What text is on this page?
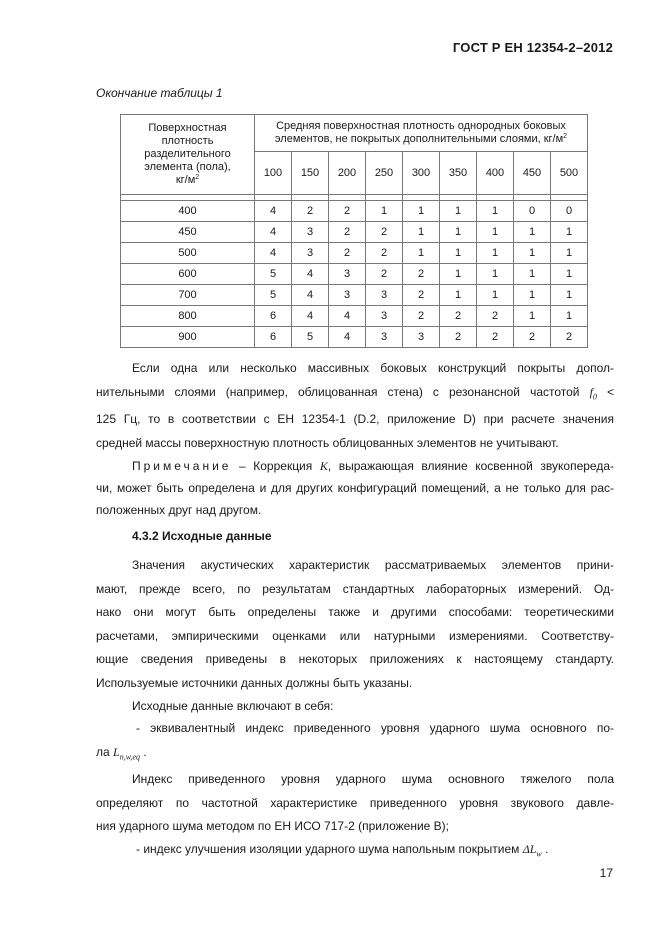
ГОСТ Р ЕН 12354-2–2012
Окончание таблицы 1
Поверхностная
плотность
разделительного
элемента (пола),
$кг/м^2$	Средняя поверхностная плотность однородных боковых
элементов, не покрытых дополнительными слоями, $кг/м^2$

	100	150	200	250	300	350	400	450	500

400	4	2	2	1	1	1	1	0	0
450	4	3	2	2	1	1	1	1	1
500	4	3	2	2	1	1	1	1	1
600	5	4	3	2	2	1	1	1	1
700	5	4	3	3	2	1	1	1	1
800	6	4	4	3	2	2	2	1	1
900	6	5	4	3	3	2	2	2	2
Если одна или несколько массивных боковых конструкций покрыты допол-
нительными слоями (например, облицованная стена) с резонансной частотой $f_0$ <
125 Гц, то в соответствии с ЕН 12354-1 (D.2, приложение D) при расчете значения
средней массы поверхностную плотность облицованных элементов не учитывают.
Примечание – Коррекция K, выражающая влияние косвенной звукопереда-
чи, может быть определена и для других конфигураций помещений, а не только для рас-
положенных друг над другом.
4.3.2 Исходные данные
Значения акустических характеристик рассматриваемых элементов прини-
мают, прежде всего, по результатам стандартных лабораторных измерений. Од-
нако они могут быть определены также и другими способами: теоретическими
расчетами, эмпирическими оценками или натурными измерениями. Соответству-
ющие сведения приведены в некоторых приложениях к настоящему стандарту.
Используемые источники данных должны быть указаны.
Исходные данные включают в себя:
- эквивалентный индекс приведенного уровня ударного шума основного по-
ла $L_{n,w,eq}$ .
Индекс приведенного уровня ударного шума основного тяжелого пола
определяют по частотной характеристике приведенного уровня звукового давле-
ния ударного шума методом по ЕН ИСО 717-2 (приложение В);
- индекс улучшения изоляции ударного шума напольным покрытием $\Delta L_w$ .
17
